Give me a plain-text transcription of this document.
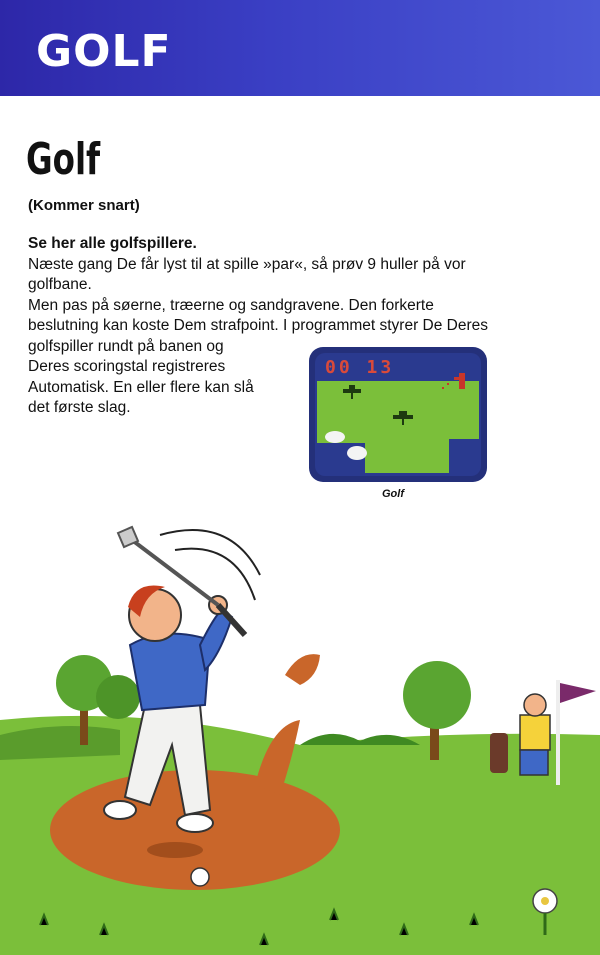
GOLF
Golf
(Kommer snart)

Se her alle golfspillere.

Næste gang De får lyst til at spille »par«, så prøv 9 huller på vor

golfbane.

Men pas på søerne, træerne og sandgravene. Den forkerte

beslutning kan koste Dem strafpoint. I programmet styrer De Deres

golfspiller rundt på banen og

Deres scoringstal registreres

Automatisk. En eller flere kan slå

det første slag.

00 13
Golf
